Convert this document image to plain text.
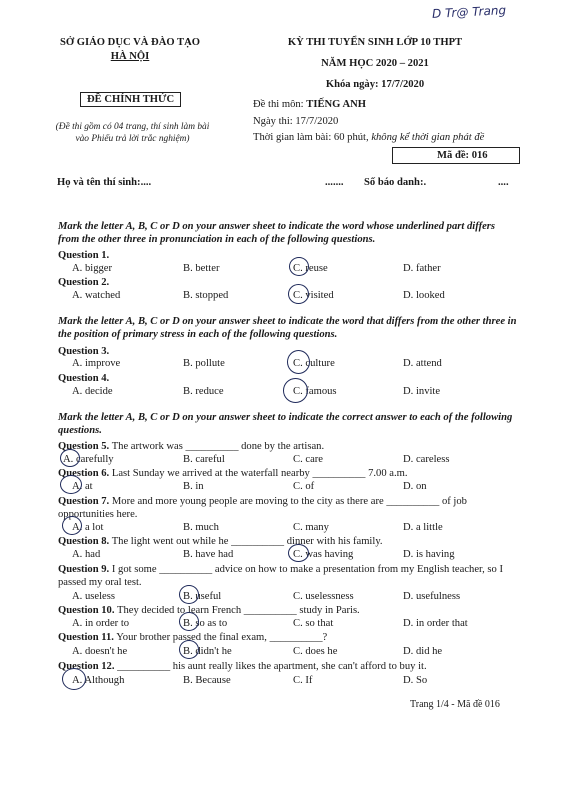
D Tr@ Trang
SỞ GIÁO DỤC VÀ ĐÀO TẠO
HÀ NỘI
ĐỀ CHÍNH THỨC
(Đề thi gồm có 04 trang, thí sinh làm bài
vào Phiếu trả lời trắc nghiệm)
KỲ THI TUYỂN SINH LỚP 10 THPT
NĂM HỌC 2020 – 2021
Khóa ngày: 17/7/2020
Đề thi môn: TIẾNG ANH
Ngày thi: 17/7/2020
Thời gian làm bài: 60 phút, không kể thời gian phát đề
Mã đề: 016
Họ và tên thí sinh:....	....... Số báo danh:.	....
Mark the letter A, B, C or D on your answer sheet to indicate the word whose underlined part differs from the other three in pronunciation in each of the following questions.
Question 1.
A. bigger	B. better	C. reuse	D. father
Question 2.
A. watched	B. stopped	C. visited	D. looked
Mark the letter A, B, C or D on your answer sheet to indicate the word that differs from the other three in the position of primary stress in each of the following questions.
Question 3.
A. improve	B. pollute	C. culture	D. attend
Question 4.
A. decide	B. reduce	C. famous	D. invite
Mark the letter A, B, C or D on your answer sheet to indicate the correct answer to each of the following questions.
Question 5. The artwork was __________ done by the artisan.
A. carefully	B. careful	C. care	D. careless
Question 6. Last Sunday we arrived at the waterfall nearby __________ 7.00 a.m.
A. at	B. in	C. of	D. on
Question 7. More and more young people are moving to the city as there are __________ of job opportunities here.
A. a lot	B. much	C. many	D. a little
Question 8. The light went out while he __________ dinner with his family.
A. had	B. have had	C. was having	D. is having
Question 9. I got some __________ advice on how to make a presentation from my English teacher, so I passed my oral test.
A. useless	B. useful	C. uselessness	D. usefulness
Question 10. They decided to learn French __________ study in Paris.
A. in order to	B. so as to	C. so that	D. in order that
Question 11. Your brother passed the final exam, __________?
A. doesn't he	B. didn't he	C. does he	D. did he
Question 12. __________ his aunt really likes the apartment, she can't afford to buy it.
A. Although	B. Because	C. If	D. So
Trang 1/4 - Mã đề 016
